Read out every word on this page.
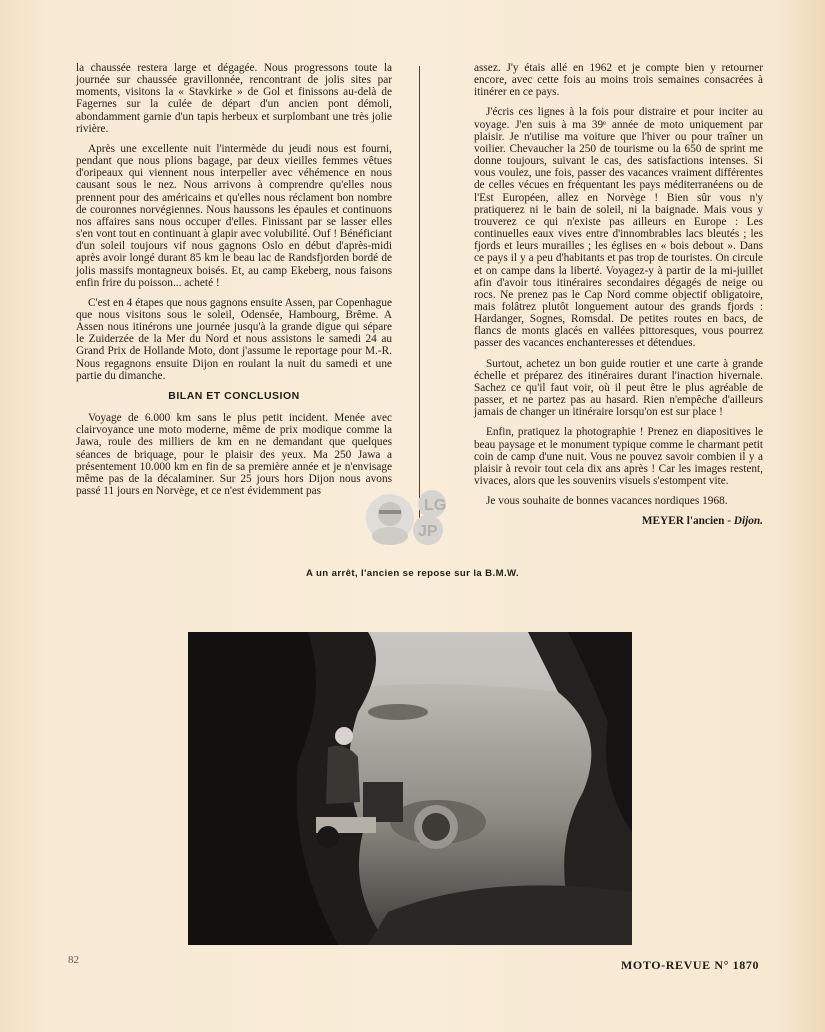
la chaussée restera large et dégagée. Nous progressons toute la journée sur chaussée gravillonnée, rencontrant de jolis sites par moments, visitons la « Stavkirke » de Gol et finissons au-delà de Fagernes sur la culée de départ d'un ancien pont démoli, abondamment garnie d'un tapis herbeux et surplombant une très jolie rivière.

Après une excellente nuit l'intermède du jeudi nous est fourni, pendant que nous plions bagage, par deux vieilles femmes vêtues d'oripeaux qui viennent nous interpeller avec véhémence en nous causant sous le nez. Nous arrivons à comprendre qu'elles nous prennent pour des américains et qu'elles nous réclament bon nombre de couronnes norvégiennes. Nous haussons les épaules et continuons nos affaires sans nous occuper d'elles. Finissant par se lasser elles s'en vont tout en continuant à glapir avec volubilité. Ouf ! Bénéficiant d'un soleil toujours vif nous gagnons Oslo en début d'après-midi après avoir longé durant 85 km le beau lac de Randsfjorden bordé de jolis massifs montagneux boisés. Et, au camp Ekeberg, nous faisons enfin frire du poisson... acheté !

C'est en 4 étapes que nous gagnons ensuite Assen, par Copenhague que nous visitons sous le soleil, Odensée, Hambourg, Brême. A Assen nous itinérons une journée jusqu'à la grande digue qui sépare le Zuiderzée de la Mer du Nord et nous assistons le samedi 24 au Grand Prix de Hollande Moto, dont j'assume le reportage pour M.-R. Nous regagnons ensuite Dijon en roulant la nuit du samedi et une partie du dimanche.

BILAN ET CONCLUSION

Voyage de 6.000 km sans le plus petit incident. Menée avec clairvoyance une moto moderne, même de prix modique comme la Jawa, roule des milliers de km en ne demandant que quelques séances de briquage, pour le plaisir des yeux. Ma 250 Jawa a présentement 10.000 km en fin de sa première année et je n'envisage même pas de la décalaminer. Sur 25 jours hors Dijon nous avons passé 11 jours en Norvège, et ce n'est évidemment pas

assez. J'y étais allé en 1962 et je compte bien y retourner encore, avec cette fois au moins trois semaines consacrées à itinérer en ce pays.

J'écris ces lignes à la fois pour distraire et pour inciter au voyage. J'en suis à ma 39ᵉ année de moto uniquement par plaisir. Je n'utilise ma voiture que l'hiver ou pour traîner un voilier. Chevaucher la 250 de tourisme ou la 650 de sprint me donne toujours, suivant le cas, des satisfactions intenses. Si vous voulez, une fois, passer des vacances vraiment différentes de celles vécues en fréquentant les pays méditerranéens ou de l'Est Européen, allez en Norvège ! Bien sûr vous n'y pratiquerez ni le bain de soleil, ni la baignade. Mais vous y trouverez ce qui n'existe pas ailleurs en Europe : Les continuelles eaux vives entre d'innombrables lacs bleutés ; les fjords et leurs murailles ; les églises en « bois debout ». Dans ce pays il y a peu d'habitants et pas trop de touristes. On circule et on campe dans la liberté. Voyagez-y à partir de la mi-juillet afin d'avoir tous itinéraires secondaires dégagés de neige ou rocs. Ne prenez pas le Cap Nord comme objectif obligatoire, mais folâtrez plutôt longuement autour des grands fjords : Hardanger, Sognes, Romsdal. De petites routes en bacs, de flancs de monts glacés en vallées pittoresques, vous pourrez passer des vacances enchanteresses et détendues.

Surtout, achetez un bon guide routier et une carte à grande échelle et préparez des itinéraires durant l'inaction hivernale. Sachez ce qu'il faut voir, où il peut être le plus agréable de passer, et ne partez pas au hasard. Rien n'empêche d'ailleurs jamais de changer un itinéraire lorsqu'on est sur place !

Enfin, pratiquez la photographie ! Prenez en diapositives le beau paysage et le monument typique comme le charmant petit coin de camp d'une nuit. Vous ne pouvez savoir combien il y a plaisir à revoir tout cela dix ans après ! Car les images restent, vivaces, alors que les souvenirs visuels s'estompent vite.

Je vous souhaite de bonnes vacances nordiques 1968.

MEYER l'ancien - Dijon.
LG
JP
A un arrêt, l'ancien se repose sur la B.M.W.
82	MOTO-REVUE N° 1870
